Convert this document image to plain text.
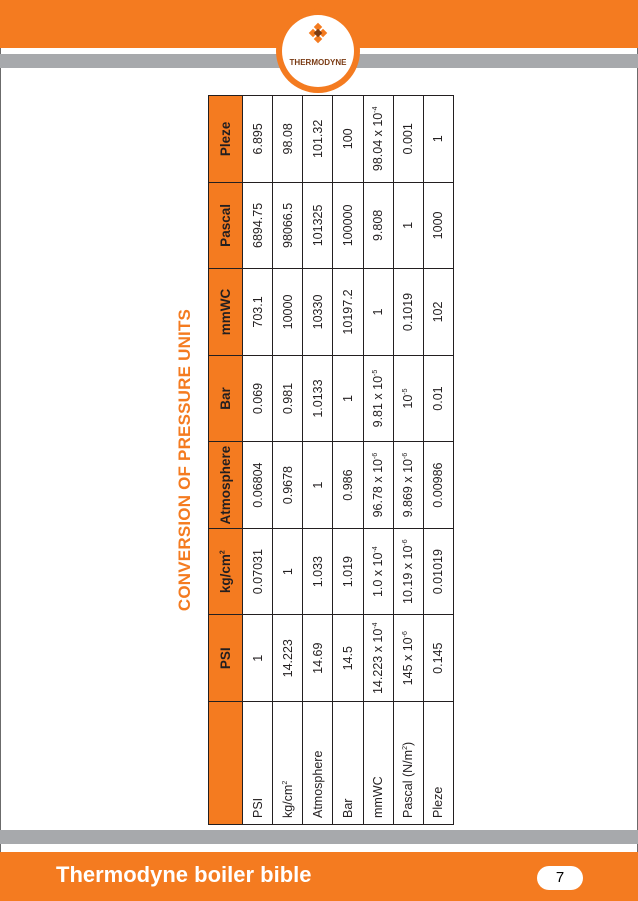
THERMODYNE
CONVERSION OF PRESSURE UNITS
	PSI	$kg/cm^2$	Atmosphere	Bar	mmWC	Pascal	Pleze
PSI	1	0.07031	0.06804	0.069	703.1	6894.75	6.895
$kg/cm^2$	14.223	1	0.9678	0.981	10000	98066.5	98.08
Atmosphere	14.69	1.033	1	1.0133	10330	101325	101.32
Bar	14.5	1.019	0.986	1	10197.2	100000	100
mmWC	14.223 x $10^{-4}$	1.0 x $10^{-4}$	96.78 x $10^{-6}$	9.81 x $10^{-5}$	1	9.808	98.04 x $10^{-4}$
Pascal $(N/m^2)$	145 x $10^{-6}$	10.19 x $10^{-6}$	9.869 x $10^{-6}$	$10^{-5}$	0.1019	1	0.001
Pleze	0.145	0.01019	0.00986	0.01	102	1000	1
Thermodyne boiler bible	7
